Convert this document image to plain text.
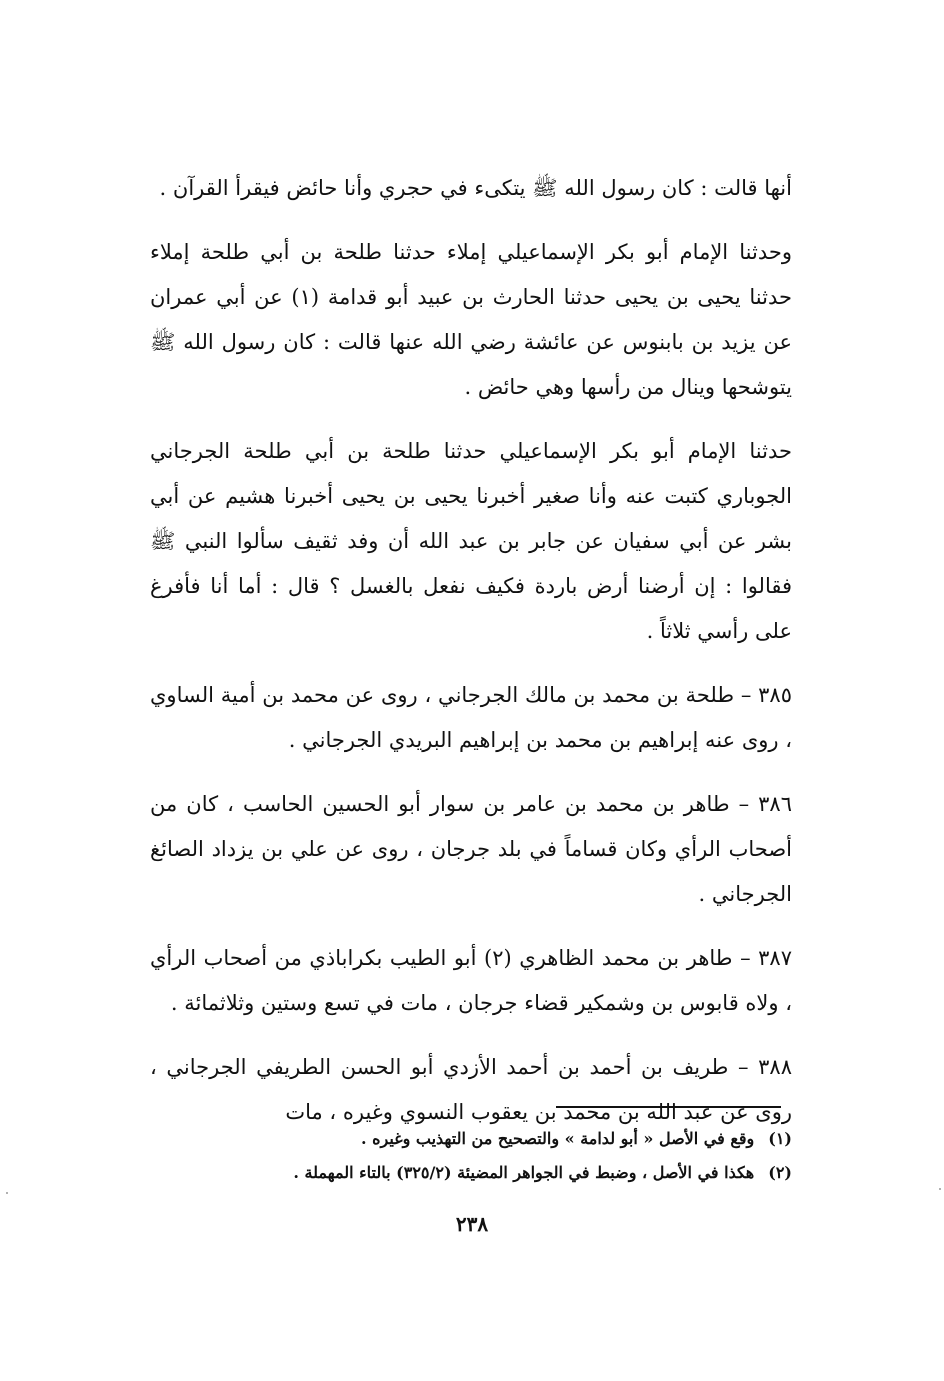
أنها قالت : كان رسول الله ﷺ يتكىء في حجري وأنا حائض فيقرأ القرآن .

وحدثنا الإمام أبو بكر الإسماعيلي إملاء حدثنا طلحة بن أبي طلحة إملاء حدثنا يحيى بن يحيى حدثنا الحارث بن عبيد أبو قدامة (١) عن أبي عمران عن يزيد بن بابنوس عن عائشة رضي الله عنها قالت : كان رسول الله ﷺ يتوشحها وينال من رأسها وهي حائض .

حدثنا الإمام أبو بكر الإسماعيلي حدثنا طلحة بن أبي طلحة الجرجاني الجوباري كتبت عنه وأنا صغير أخبرنا يحيى بن يحيى أخبرنا هشيم عن أبي بشر عن أبي سفيان عن جابر بن عبد الله أن وفد ثقيف سألوا النبي ﷺ فقالوا : إن أرضنا أرض باردة فكيف نفعل بالغسل ؟ قال : أما أنا فأفرغ على رأسي ثلاثاً .

٣٨٥ – طلحة بن محمد بن مالك الجرجاني ، روى عن محمد بن أمية الساوي ، روى عنه إبراهيم بن محمد بن إبراهيم البريدي الجرجاني .

٣٨٦ – طاهر بن محمد بن عامر بن سوار أبو الحسين الحاسب ، كان من أصحاب الرأي وكان قساماً في بلد جرجان ، روى عن علي بن يزداد الصائغ الجرجاني .

٣٨٧ – طاهر بن محمد الظاهري (٢) أبو الطيب بكراباذي من أصحاب الرأي ، ولاه قابوس بن وشمكير قضاء جرجان ، مات في تسع وستين وثلاثمائة .

٣٨٨ – طريف بن أحمد بن أحمد الأزدي أبو الحسن الطريفي الجرجاني ، روى عن عبد الله بن محمد بن يعقوب النسوي وغيره ، مات

(١)وقع في الأصل « أبو لدامة » والتصحيح من التهذيب وغيره .
(٢)هكذا في الأصل ، وضبط في الجواهر المضيئة (٣٢٥/٢) بالتاء المهملة .
٢٣٨
